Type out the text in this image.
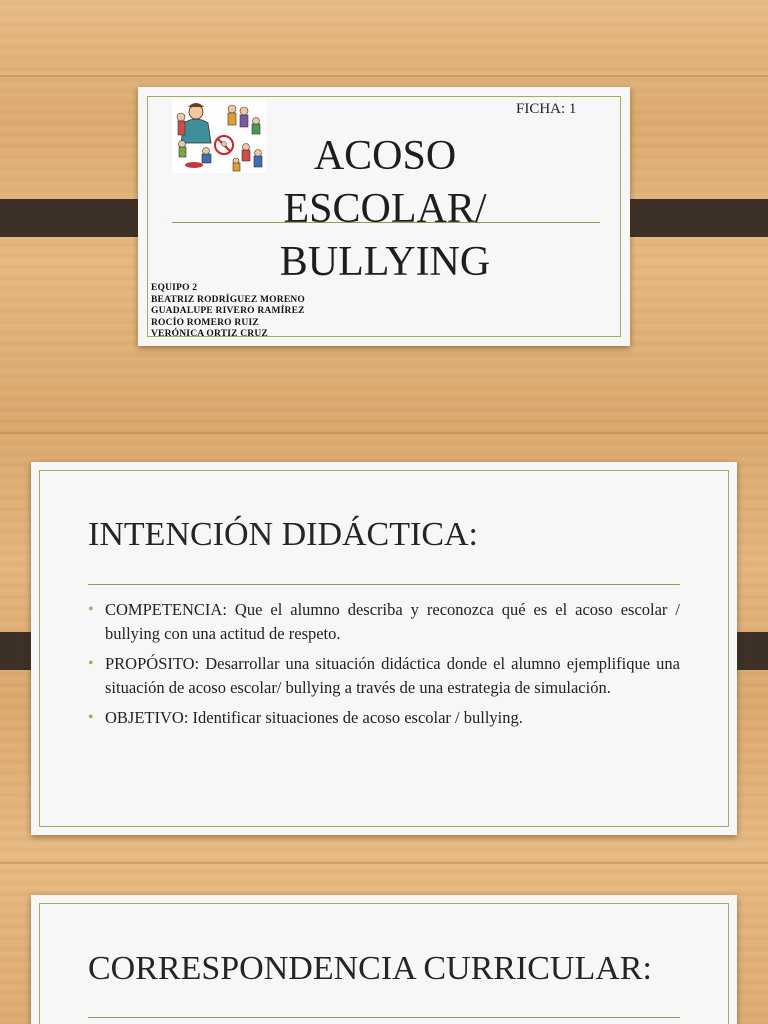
FICHA: 1
ACOSO
ESCOLAR/
BULLYING
EQUIPO 2
BEATRIZ RODRÍGUEZ MORENO
GUADALUPE RIVERO RAMÍREZ
ROCÍO ROMERO RUIZ
VERÓNICA ORTIZ CRUZ
INTENCIÓN DIDÁCTICA:
• COMPETENCIA: Que el alumno describa y reconozca qué es el acoso escolar / bullying con una actitud de respeto.
• PROPÓSITO: Desarrollar una situación didáctica donde el alumno ejemplifique una situación de acoso escolar/ bullying a través de una estrategia de simulación.
• OBJETIVO: Identificar situaciones de acoso escolar / bullying.
CORRESPONDENCIA CURRICULAR:
